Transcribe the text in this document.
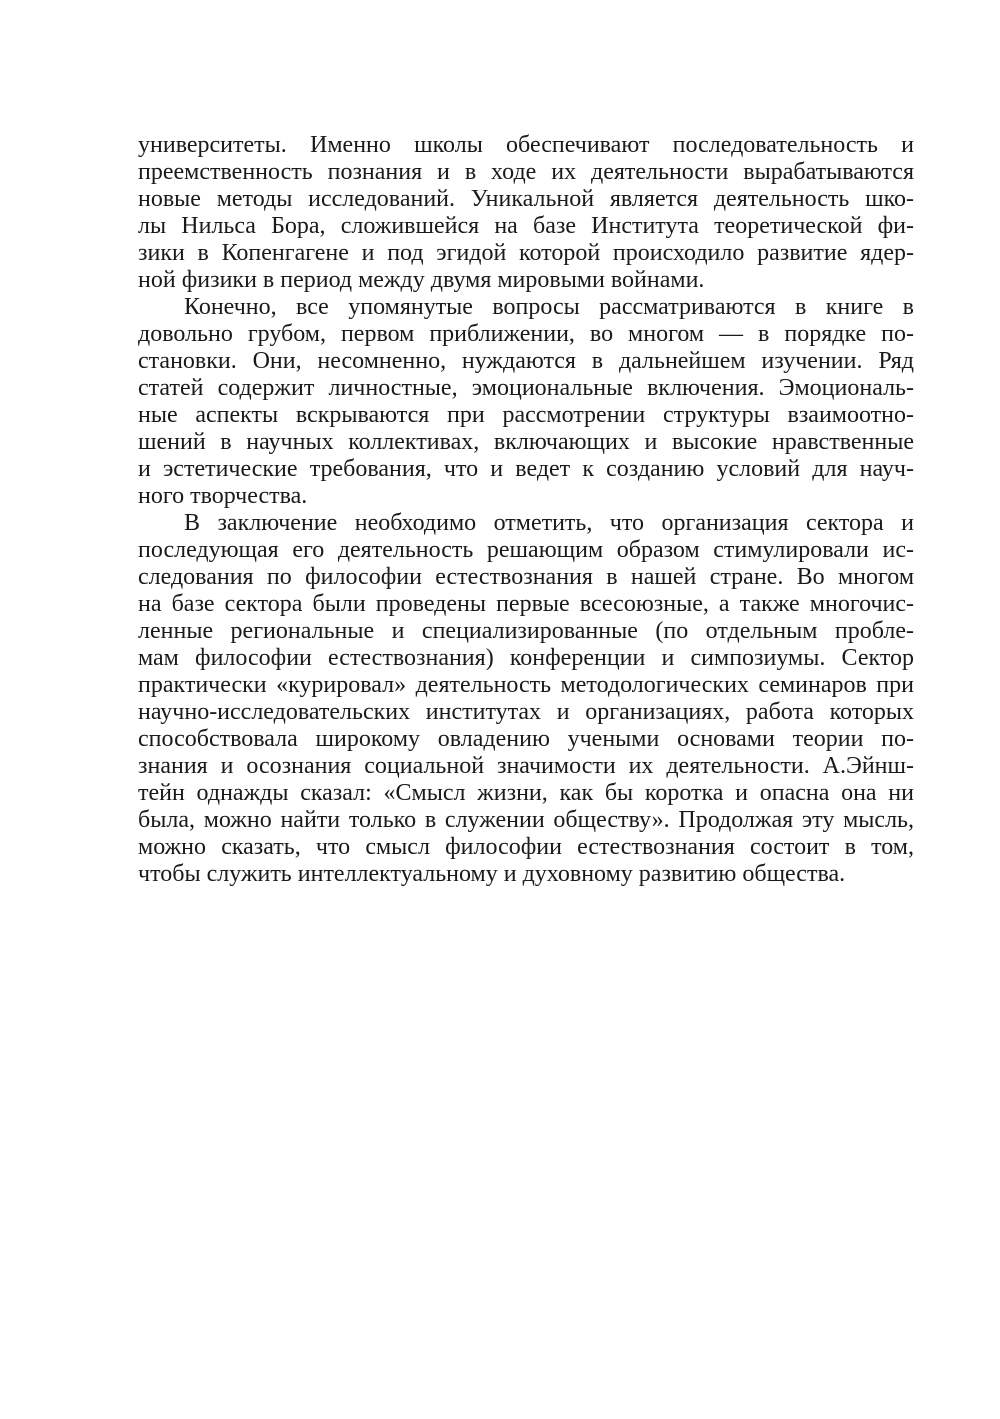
университеты. Именно школы обеспечивают последовательность и
преемственность познания и в ходе их деятельности вырабатываются
новые методы исследований. Уникальной является деятельность шко-
лы Нильса Бора, сложившейся на базе Института теоретической фи-
зики в Копенгагене и под эгидой которой происходило развитие ядер-
ной физики в период между двумя мировыми войнами.
Конечно, все упомянутые вопросы рассматриваются в книге в
довольно грубом, первом приближении, во многом — в порядке по-
становки. Они, несомненно, нуждаются в дальнейшем изучении. Ряд
статей содержит личностные, эмоциональные включения. Эмоциональ-
ные аспекты вскрываются при рассмотрении структуры взаимоотно-
шений в научных коллективах, включающих и высокие нравственные
и эстетические требования, что и ведет к созданию условий для науч-
ного творчества.
В заключение необходимо отметить, что организация сектора и
последующая его деятельность решающим образом стимулировали ис-
следования по философии естествознания в нашей стране. Во многом
на базе сектора были проведены первые всесоюзные, а также многочис-
ленные региональные и специализированные (по отдельным пробле-
мам философии естествознания) конференции и симпозиумы. Сектор
практически «курировал» деятельность методологических семинаров при
научно-исследовательских институтах и организациях, работа которых
способствовала широкому овладению учеными основами теории по-
знания и осознания социальной значимости их деятельности. А.Эйнш-
тейн однажды сказал: «Смысл жизни, как бы коротка и опасна она ни
была, можно найти только в служении обществу». Продолжая эту мысль,
можно сказать, что смысл философии естествознания состоит в том,
чтобы служить интеллектуальному и духовному развитию общества.
